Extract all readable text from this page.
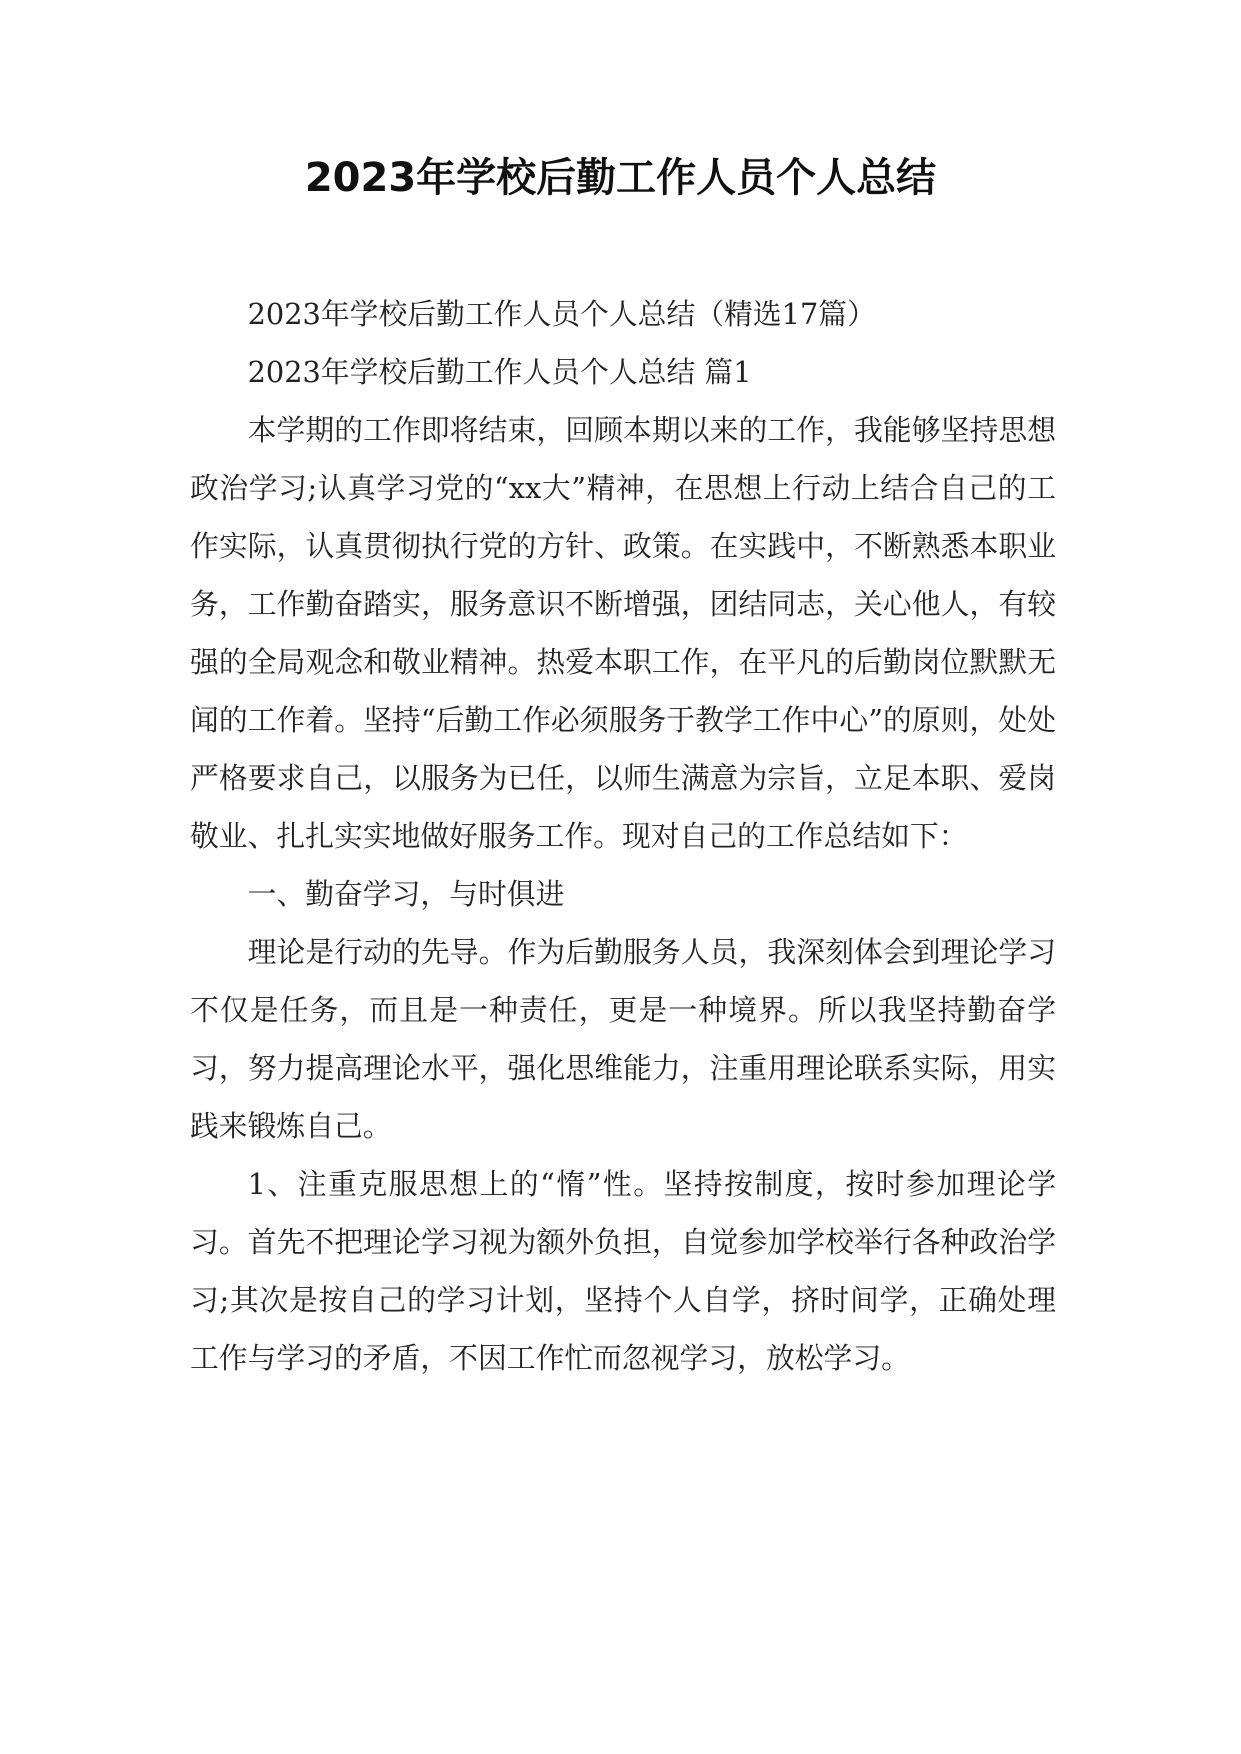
2023年学校后勤工作人员个人总结

2023年学校后勤工作人员个人总结（精选17篇）

2023年学校后勤工作人员个人总结 篇1

本学期的工作即将结束，回顾本期以来的工作，我能够坚持思想政治学习;认真学习党的“xx大”精神，在思想上行动上结合自己的工作实际，认真贯彻执行党的方针、政策。在实践中，不断熟悉本职业务，工作勤奋踏实，服务意识不断增强，团结同志，关心他人，有较强的全局观念和敬业精神。热爱本职工作，在平凡的后勤岗位默默无闻的工作着。坚持“后勤工作必须服务于教学工作中心”的原则，处处严格要求自己，以服务为已任，以师生满意为宗旨，立足本职、爱岗敬业、扎扎实实地做好服务工作。现对自己的工作总结如下：

一、勤奋学习，与时俱进

理论是行动的先导。作为后勤服务人员，我深刻体会到理论学习不仅是任务，而且是一种责任，更是一种境界。所以我坚持勤奋学习，努力提高理论水平，强化思维能力，注重用理论联系实际，用实践来锻炼自己。

1、注重克服思想上的“惰”性。坚持按制度，按时参加理论学习。首先不把理论学习视为额外负担，自觉参加学校举行各种政治学习;其次是按自己的学习计划，坚持个人自学，挤时间学，正确处理工作与学习的矛盾，不因工作忙而忽视学习，放松学习。
